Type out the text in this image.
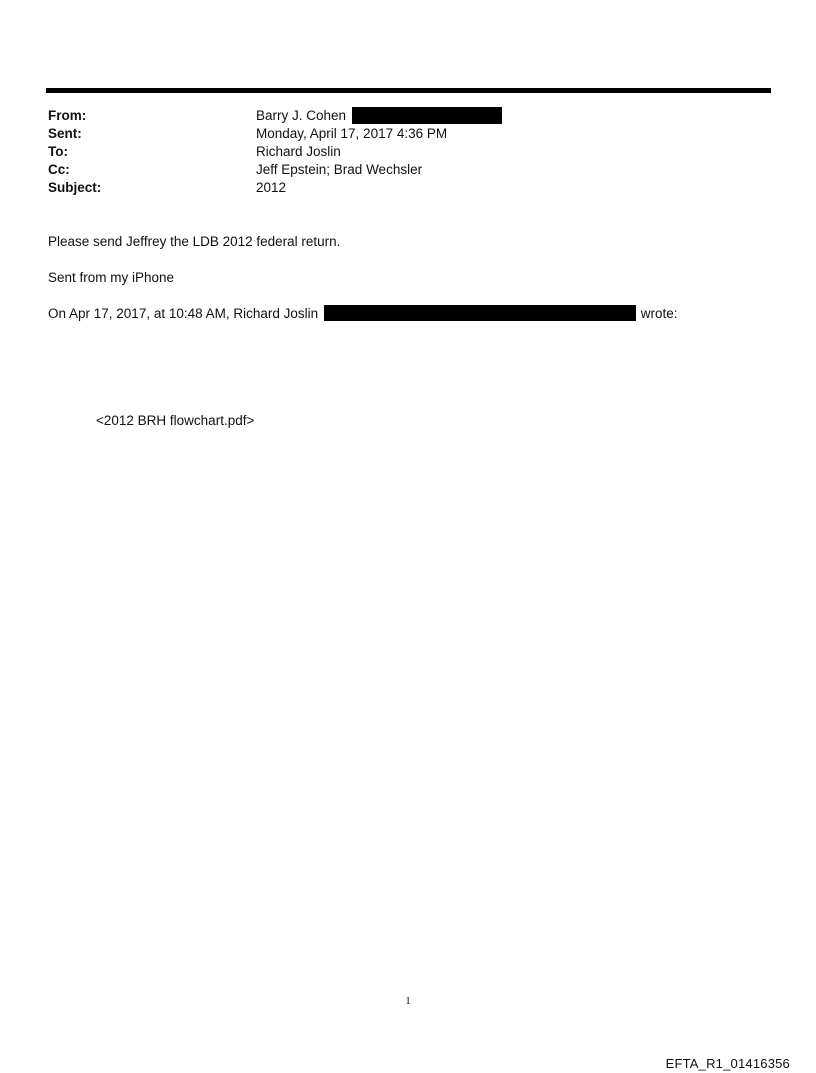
From:	Barry J. Cohen
Sent:	Monday, April 17, 2017 4:36 PM
To:	Richard Joslin
Cc:	Jeff Epstein; Brad Wechsler
Subject:	2012
Please send Jeffrey the LDB 2012 federal return.
Sent from my iPhone
On Apr 17, 2017, at 10:48 AM, Richard Joslin	wrote:
<2012 BRH flowchart.pdf>
1
EFTA_R1_01416356
